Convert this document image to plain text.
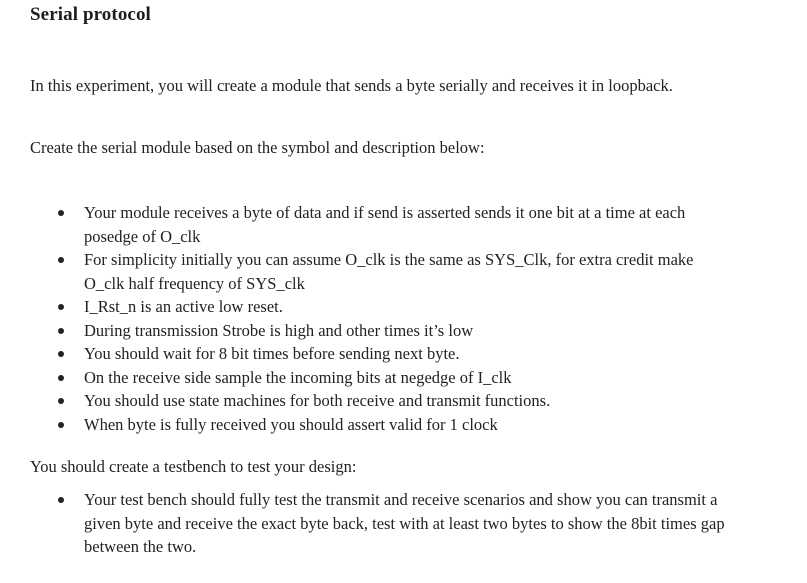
Serial protocol

In this experiment, you will create a module that sends a byte serially and receives it in loopback.

Create the serial module based on the symbol and description below:

Your module receives a byte of data and if send is asserted sends it one bit at a time at each posedge of O_clk
For simplicity initially you can assume O_clk is the same as SYS_Clk, for extra credit make O_clk half frequency of SYS_clk
I_Rst_n is an active low reset.
During transmission Strobe is high and other times it’s low
You should wait for 8 bit times before sending next byte.
On the receive side sample the incoming bits at negedge of I_clk
You should use state machines for both receive and transmit functions.
When byte is fully received you should assert valid for 1 clock

You should create a testbench to test your design:

Your test bench should fully test the transmit and receive scenarios and show you can transmit a given byte and receive the exact byte back, test with at least two bytes to show the 8bit times gap between the two.
